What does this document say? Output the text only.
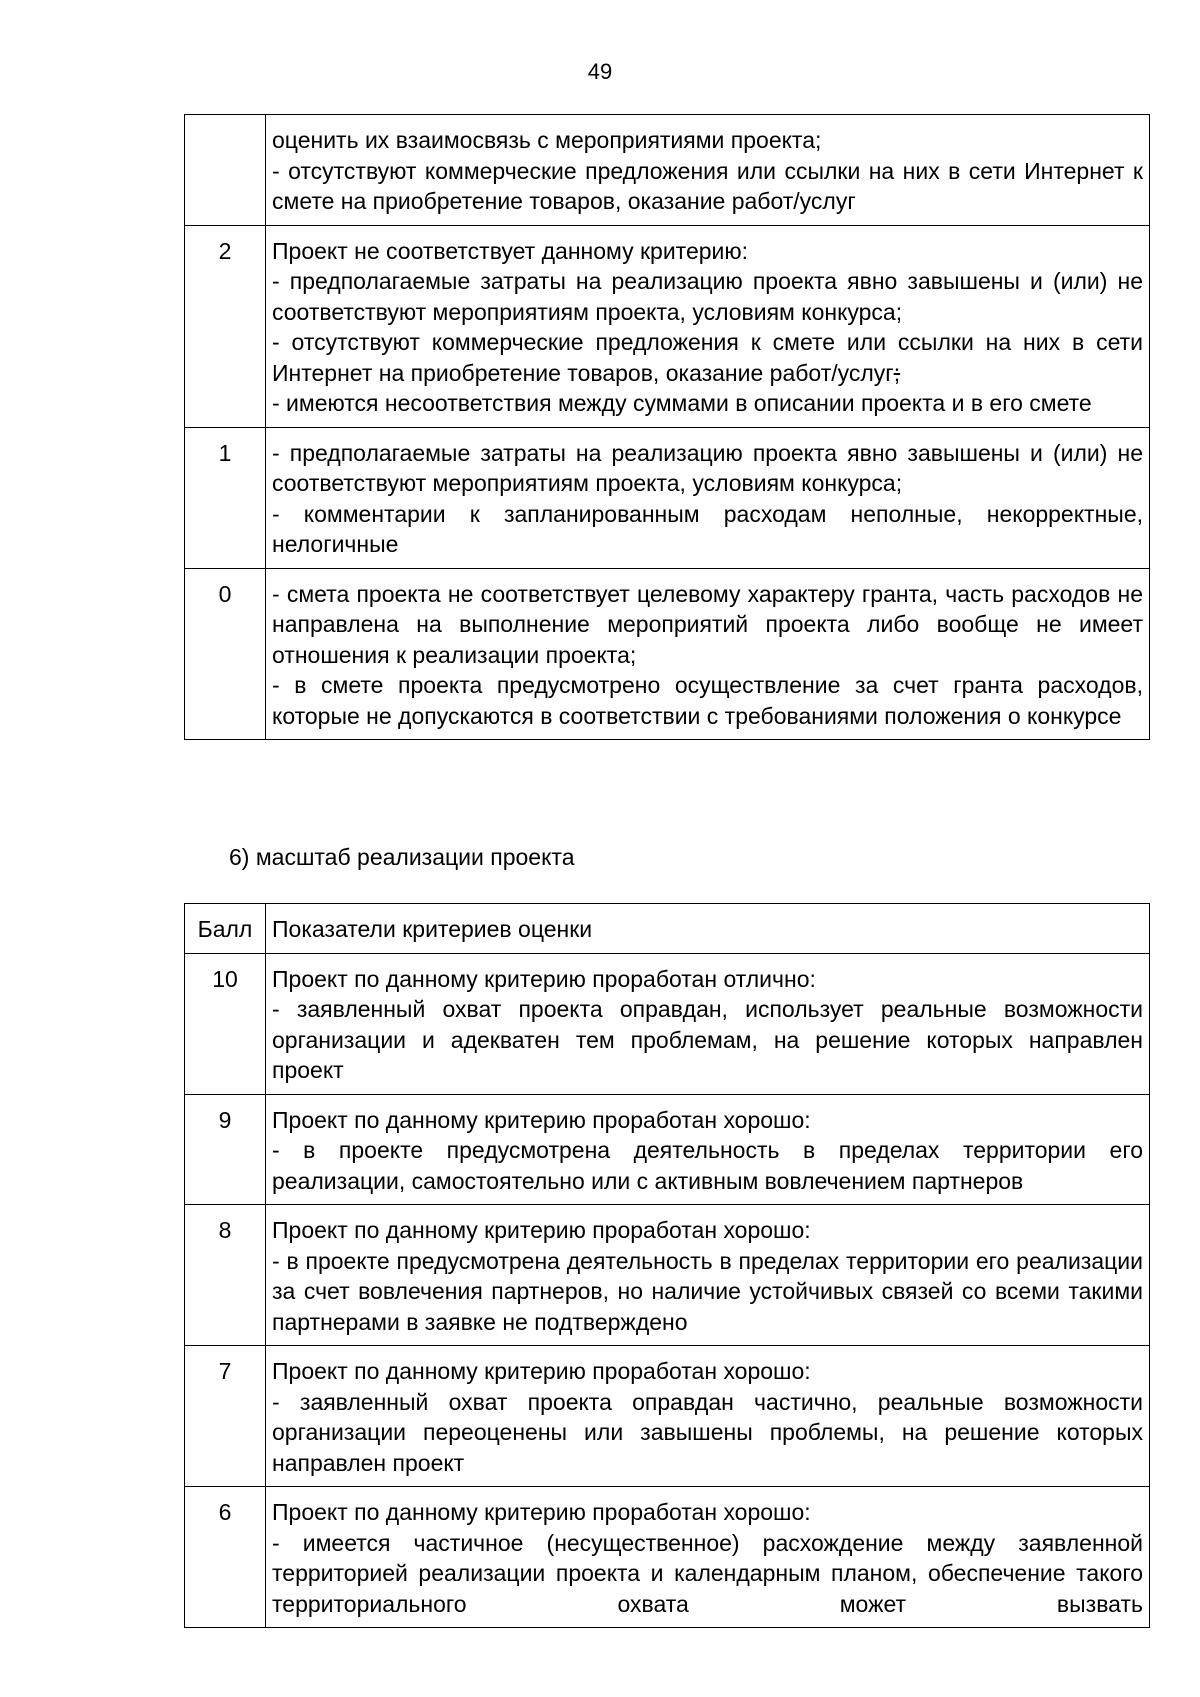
49

	оценить их взаимосвязь с мероприятиями проекта;
- отсутствуют коммерческие предложения или ссылки на них в сети Интернет к смете на приобретение товаров, оказание работ/услуг

2	Проект не соответствует данному критерию:
- предполагаемые затраты на реализацию проекта явно завышены и (или) не соответствуют мероприятиям проекта, условиям конкурса;
- отсутствуют коммерческие предложения к смете или ссылки на них в сети Интернет на приобретение товаров, оказание работ/услуг;
- имеются несоответствия между суммами в описании проекта и в его смете

1	- предполагаемые затраты на реализацию проекта явно завышены и (или) не соответствуют мероприятиям проекта, условиям конкурса;
- комментарии к запланированным расходам неполные, некорректные, нелогичные

0	- смета проекта не соответствует целевому характеру гранта, часть расходов не направлена на выполнение мероприятий проекта либо вообще не имеет отношения к реализации проекта;
- в смете проекта предусмотрено осуществление за счет гранта расходов, которые не допускаются в соответствии с требованиями положения о конкурсе
6) масштаб реализации проекта
Балл	Показатели критериев оценки
10	Проект по данному критерию проработан отлично:
- заявленный охват проекта оправдан, использует реальные возможности организации и адекватен тем проблемам, на решение которых направлен проект

9	Проект по данному критерию проработан хорошо:
- в проекте предусмотрена деятельность в пределах территории его реализации, самостоятельно или с активным вовлечением партнеров

8	Проект по данному критерию проработан хорошо:
- в проекте предусмотрена деятельность в пределах территории его реализации за счет вовлечения партнеров, но наличие устойчивых связей со всеми такими партнерами в заявке не подтверждено

7	Проект по данному критерию проработан хорошо:
- заявленный охват проекта оправдан частично, реальные возможности организации переоценены или завышены проблемы, на решение которых направлен проект

6	Проект по данному критерию проработан хорошо:
- имеется частичное (несущественное) расхождение между заявленной территорией реализации проекта и календарным планом, обеспечение такого территориального охвата может вызвать
